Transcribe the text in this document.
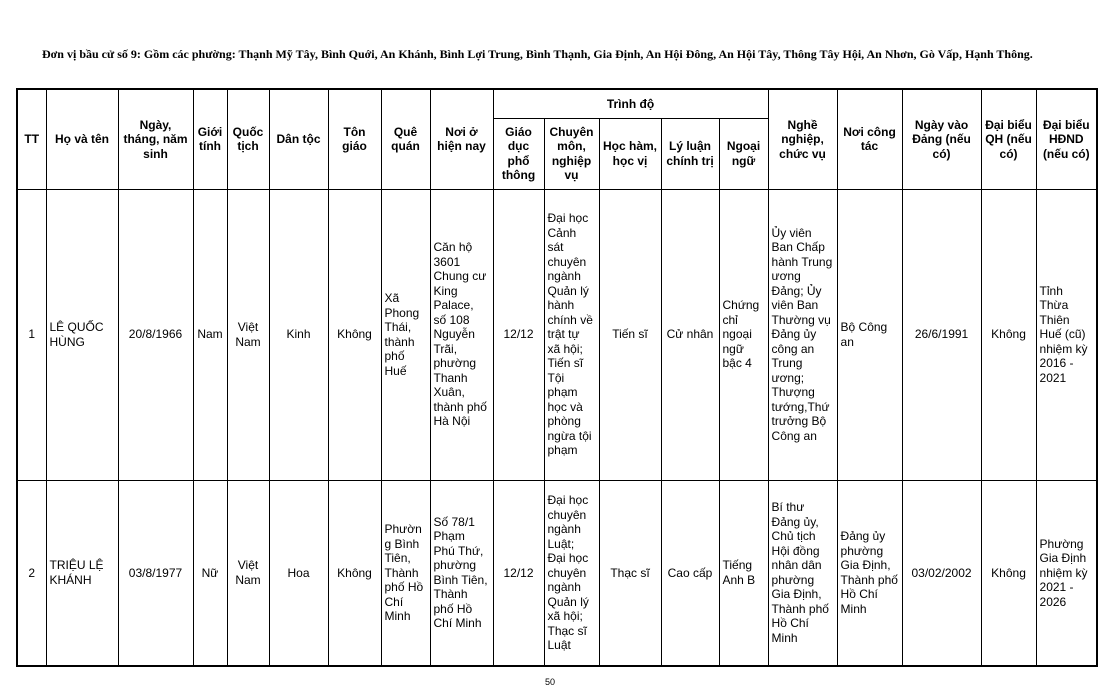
Đơn vị bầu cử số 9: Gồm các phường: Thạnh Mỹ Tây, Bình Quới, An Khánh, Bình Lợi Trung, Bình Thạnh, Gia Định, An Hội Đông, An Hội Tây, Thông Tây Hội, An Nhơn, Gò Vấp, Hạnh Thông.

TT	Họ và tên	Ngày, tháng, năm sinh	Giới tính	Quốc tịch	Dân tộc	Tôn giáo	Quê quán	Nơi ở hiện nay	Trình độ					Nghề nghiệp, chức vụ	Nơi công tác	Ngày vào Đảng (nếu có)	Đại biểu QH (nếu có)	Đại biểu HĐND (nếu có)
									Giáo dục phổ thông	Chuyên môn, nghiệp vụ	Học hàm, học vị	Lý luận chính trị	Ngoại ngữ					
1	LÊ QUỐC HÙNG	20/8/1966	Nam	Việt Nam	Kinh	Không	Xã Phong Thái, thành phố Huế	Căn hộ 3601 Chung cư King Palace, số 108 Nguyễn Trãi, phường Thanh Xuân, thành phố Hà Nội	12/12	Đại học Cảnh sát chuyên ngành Quản lý hành chính về trật tự xã hội; Tiến sĩ Tội phạm học và phòng ngừa tội phạm	Tiến sĩ	Cử nhân	Chứng chỉ ngoại ngữ bậc 4	Ủy viên Ban Chấp hành Trung ương Đảng; Ủy viên Ban Thường vụ Đảng ủy công an Trung ương; Thượng tướng,Thứ trưởng Bộ Công an	Bộ Công an	26/6/1991	Không	Tỉnh Thừa Thiên Huế (cũ) nhiệm kỳ 2016 - 2021
2	TRIỆU LỆ KHÁNH	03/8/1977	Nữ	Việt Nam	Hoa	Không	Phường Bình Tiên, Thành phố Hồ Chí Minh	Số 78/1 Phạm Phú Thứ, phường Bình Tiên, Thành phố Hồ Chí Minh	12/12	Đại học chuyên ngành Luật; Đại học chuyên ngành Quản lý xã hội; Thạc sĩ Luật	Thạc sĩ	Cao cấp	Tiếng Anh B	Bí thư Đảng ủy, Chủ tịch Hội đồng nhân dân phường Gia Định, Thành phố Hồ Chí Minh	Đảng ủy phường Gia Định, Thành phố Hồ Chí Minh	03/02/2002	Không	Phường Gia Định nhiệm kỳ 2021 - 2026
50
